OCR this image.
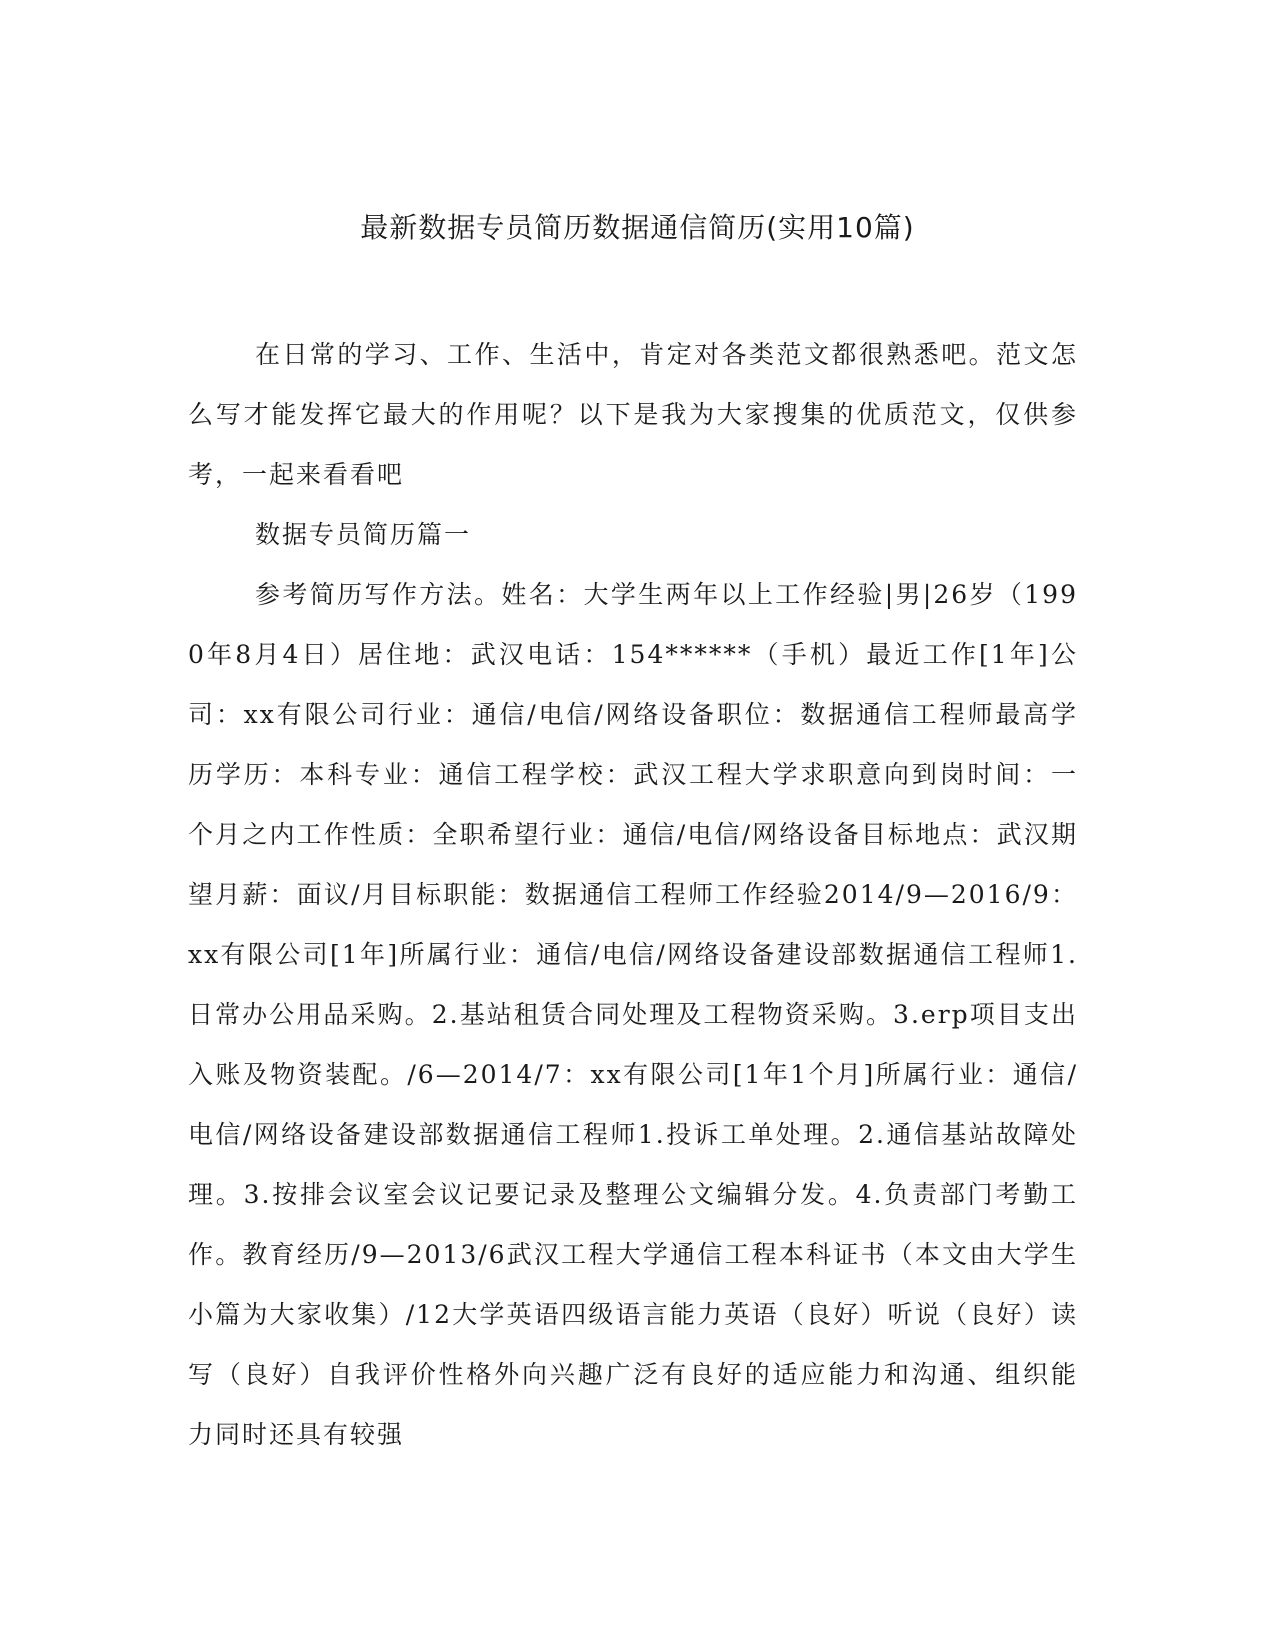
最新数据专员简历数据通信简历(实用10篇)

在日常的学习、工作、生活中，肯定对各类范文都很熟悉吧。范文怎么写才能发挥它最大的作用呢？以下是我为大家搜集的优质范文，仅供参考，一起来看看吧

数据专员简历篇一

参考简历写作方法。姓名：大学生两年以上工作经验|男|26岁（1990年8月4日）居住地：武汉电话：154******（手机）最近工作[1年]公司：xx有限公司行业：通信/电信/网络设备职位：数据通信工程师最高学历学历：本科专业：通信工程学校：武汉工程大学求职意向到岗时间：一个月之内工作性质：全职希望行业：通信/电信/网络设备目标地点：武汉期望月薪：面议/月目标职能：数据通信工程师工作经验2014/9—2016/9：xx有限公司[1年]所属行业：通信/电信/网络设备建设部数据通信工程师1.日常办公用品采购。2.基站租赁合同处理及工程物资采购。3.erp项目支出入账及物资装配。/6—2014/7：xx有限公司[1年1个月]所属行业：通信/电信/网络设备建设部数据通信工程师1.投诉工单处理。2.通信基站故障处理。3.按排会议室会议记要记录及整理公文编辑分发。4.负责部门考勤工作。教育经历/9—2013/6武汉工程大学通信工程本科证书（本文由大学生小篇为大家收集）/12大学英语四级语言能力英语（良好）听说（良好）读写（良好）自我评价性格外向兴趣广泛有良好的适应能力和沟通、组织能力同时还具有较强
